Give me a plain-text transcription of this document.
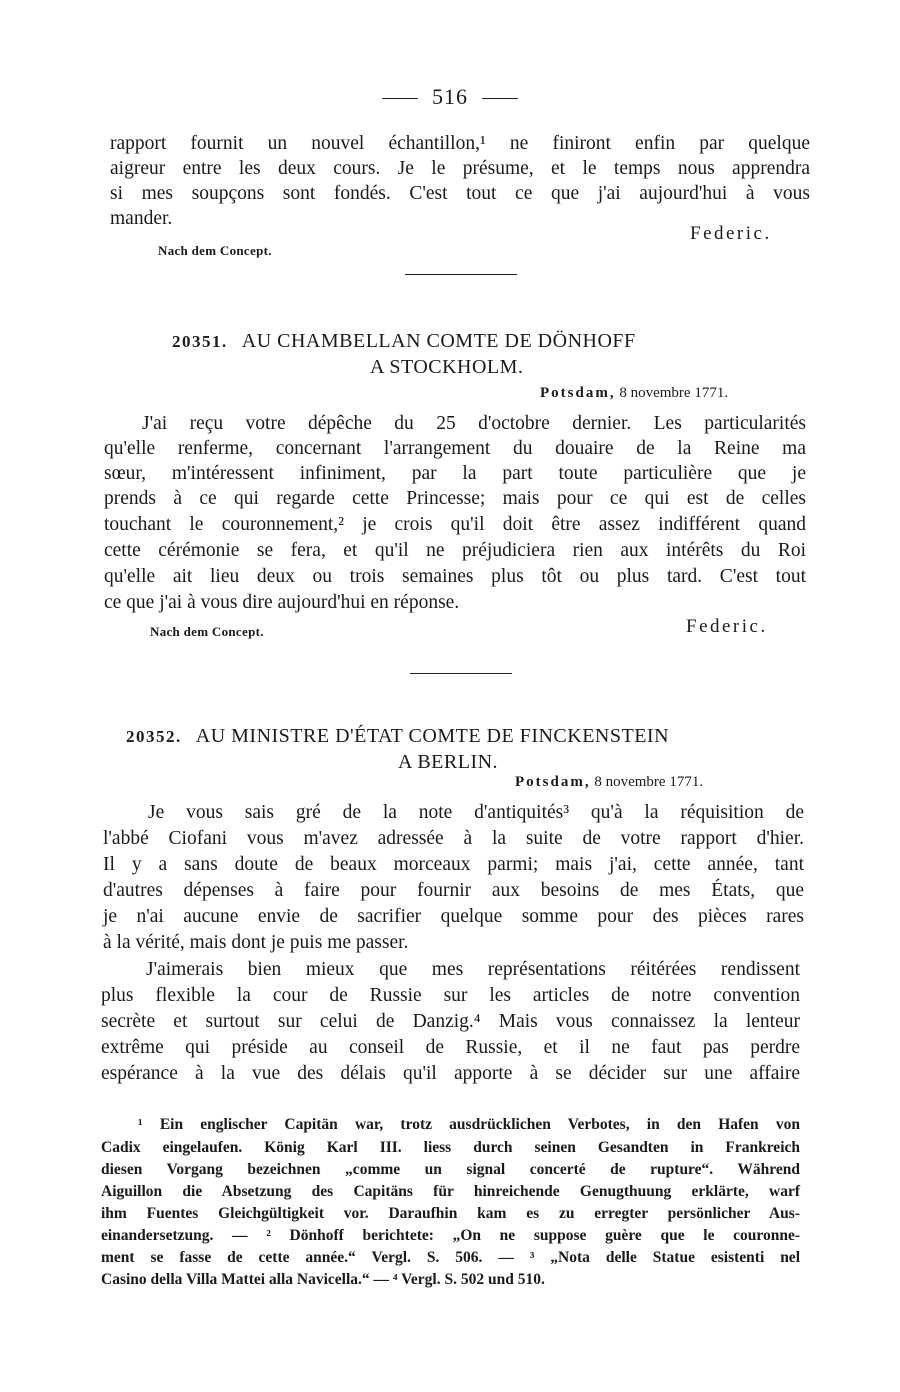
516
rapport fournit un nouvel échantillon,¹ ne finiront enfin par quelque
aigreur entre les deux cours. Je le présume, et le temps nous apprendra
si mes soupçons sont fondés. C'est tout ce que j'ai aujourd'hui à vous
mander.
Federic.
Nach dem Concept.
20351. AU CHAMBELLAN COMTE DE DÖNHOFF
A STOCKHOLM.
Potsdam, 8 novembre 1771.
J'ai reçu votre dépêche du 25 d'octobre dernier. Les particularités
qu'elle renferme, concernant l'arrangement du douaire de la Reine ma
sœur, m'intéressent infiniment, par la part toute particulière que je
prends à ce qui regarde cette Princesse; mais pour ce qui est de celles
touchant le couronnement,² je crois qu'il doit être assez indifférent quand
cette cérémonie se fera, et qu'il ne préjudiciera rien aux intérêts du Roi
qu'elle ait lieu deux ou trois semaines plus tôt ou plus tard. C'est tout
ce que j'ai à vous dire aujourd'hui en réponse.
Nach dem Concept.	Federic.
20352. AU MINISTRE D'ÉTAT COMTE DE FINCKENSTEIN
A BERLIN.
Potsdam, 8 novembre 1771.
Je vous sais gré de la note d'antiquités³ qu'à la réquisition de
l'abbé Ciofani vous m'avez adressée à la suite de votre rapport d'hier.
Il y a sans doute de beaux morceaux parmi; mais j'ai, cette année, tant
d'autres dépenses à faire pour fournir aux besoins de mes États, que
je n'ai aucune envie de sacrifier quelque somme pour des pièces rares
à la vérité, mais dont je puis me passer.
J'aimerais bien mieux que mes représentations réitérées rendissent
plus flexible la cour de Russie sur les articles de notre convention
secrète et surtout sur celui de Danzig.⁴ Mais vous connaissez la lenteur
extrême qui préside au conseil de Russie, et il ne faut pas perdre
espérance à la vue des délais qu'il apporte à se décider sur une affaire
¹ Ein englischer Capitän war, trotz ausdrücklichen Verbotes, in den Hafen von
Cadix eingelaufen. König Karl III. liess durch seinen Gesandten in Frankreich
diesen Vorgang bezeichnen „comme un signal concerté de rupture“. Während
Aiguillon die Absetzung des Capitäns für hinreichende Genugthuung erklärte, warf
ihm Fuentes Gleichgültigkeit vor. Daraufhin kam es zu erregter persönlicher Aus-
einandersetzung. — ² Dönhoff berichtete: „On ne suppose guère que le couronne-
ment se fasse de cette année.“ Vergl. S. 506. — ³ „Nota delle Statue esistenti nel
Casino della Villa Mattei alla Navicella.“ — ⁴ Vergl. S. 502 und 510.
